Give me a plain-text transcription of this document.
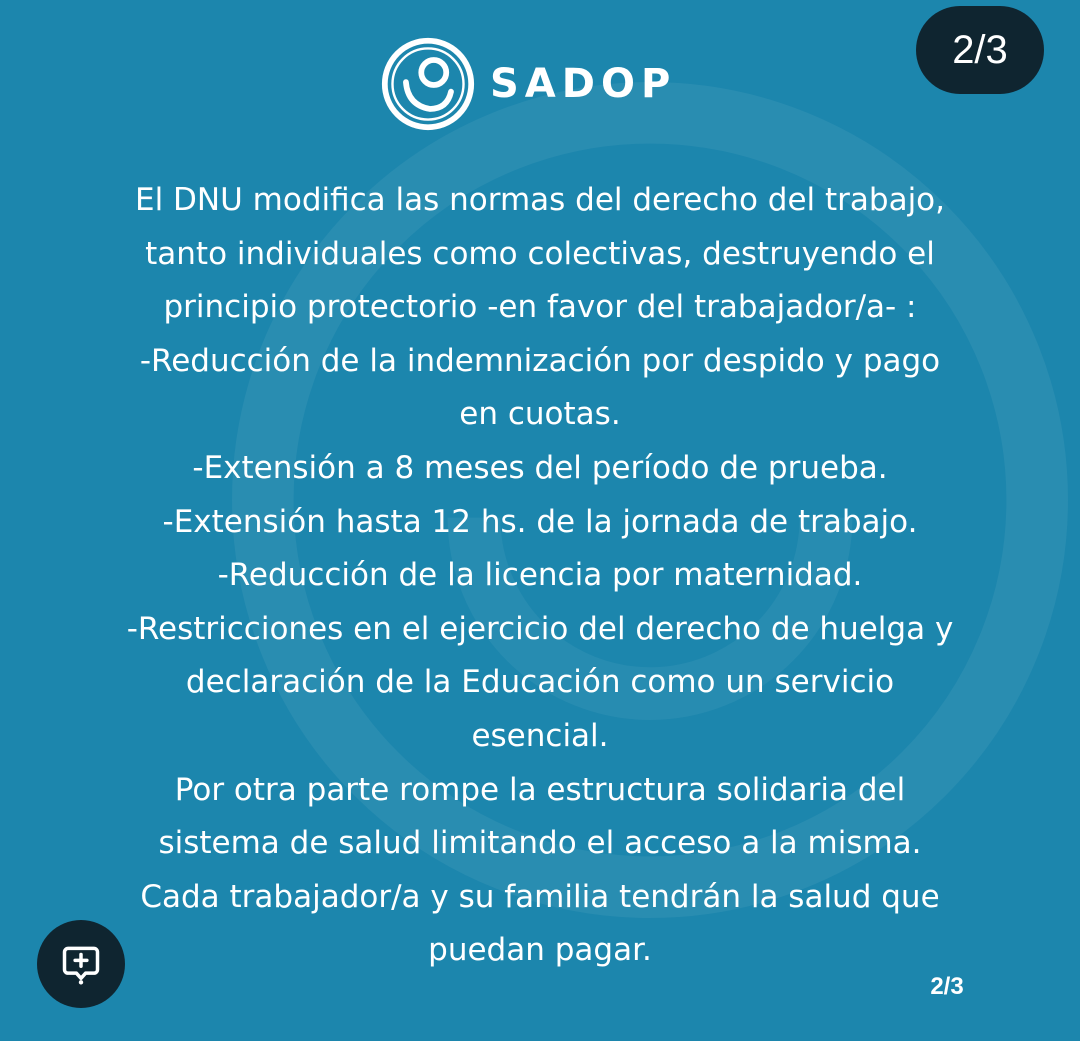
SADOP
2/3
El DNU modifica las normas del derecho del trabajo,
tanto individuales como colectivas, destruyendo el
principio protectorio -en favor del trabajador/a- :
-Reducción de la indemnización por despido y pago
en cuotas.
-Extensión a 8 meses del período de prueba.
-Extensión hasta 12 hs. de la jornada de trabajo.
-Reducción de la licencia por maternidad.
-Restricciones en el ejercicio del derecho de huelga y
declaración de la Educación como un servicio
esencial.
Por otra parte rompe la estructura solidaria del
sistema de salud limitando el acceso a la misma.
Cada trabajador/a y su familia tendrán la salud que
puedan pagar.
2/3
